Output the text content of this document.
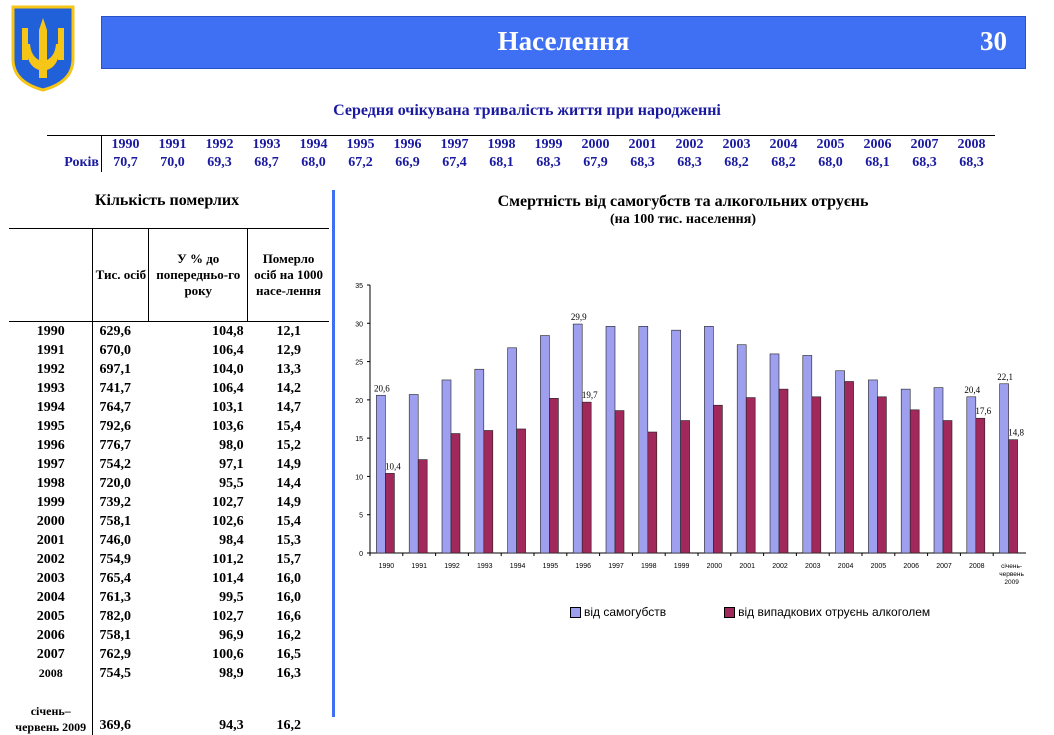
Населення	30
Середня очікувана тривалість життя при народженні
	1990	1991	1992	1993	1994	1995	1996	1997	1998	1999	2000	2001	2002	2003	2004	2005	2006	2007	2008
Років	70,7	70,0	69,3	68,7	68,0	67,2	66,9	67,4	68,1	68,3	67,9	68,3	68,3	68,2	68,2	68,0	68,1	68,3	68,3
Кількість померлих
	Тис. осіб	У % до попередньо-го року	Померло осіб на 1000 насе-лення
1990	629,6	104,8	12,1
1991	670,0	106,4	12,9
1992	697,1	104,0	13,3
1993	741,7	106,4	14,2
1994	764,7	103,1	14,7
1995	792,6	103,6	15,4
1996	776,7	98,0	15,2
1997	754,2	97,1	14,9
1998	720,0	95,5	14,4
1999	739,2	102,7	14,9
2000	758,1	102,6	15,4
2001	746,0	98,4	15,3
2002	754,9	101,2	15,7
2003	765,4	101,4	16,0
2004	761,3	99,5	16,0
2005	782,0	102,7	16,6
2006	758,1	96,9	16,2
2007	762,9	100,6	16,5
2008	754,5	98,9	16,3
січень–червень 2009	369,6	94,3	16,2
Смертність від самогубств та алкогольних отруєнь
(на 100 тис. населення)
0
5
10
15
20
25
30
35
1990 1991 1992 1993 1994 1995 1996 1997 1998 1999 2000 2001 2002 2003 2004 2005 2006 2007 2008	січень-
червень
2009
20,6
10,4
29,9
19,7
20,4
17,6
22,1
14,8
від самогубств	від випадкових отруєнь алкоголем
